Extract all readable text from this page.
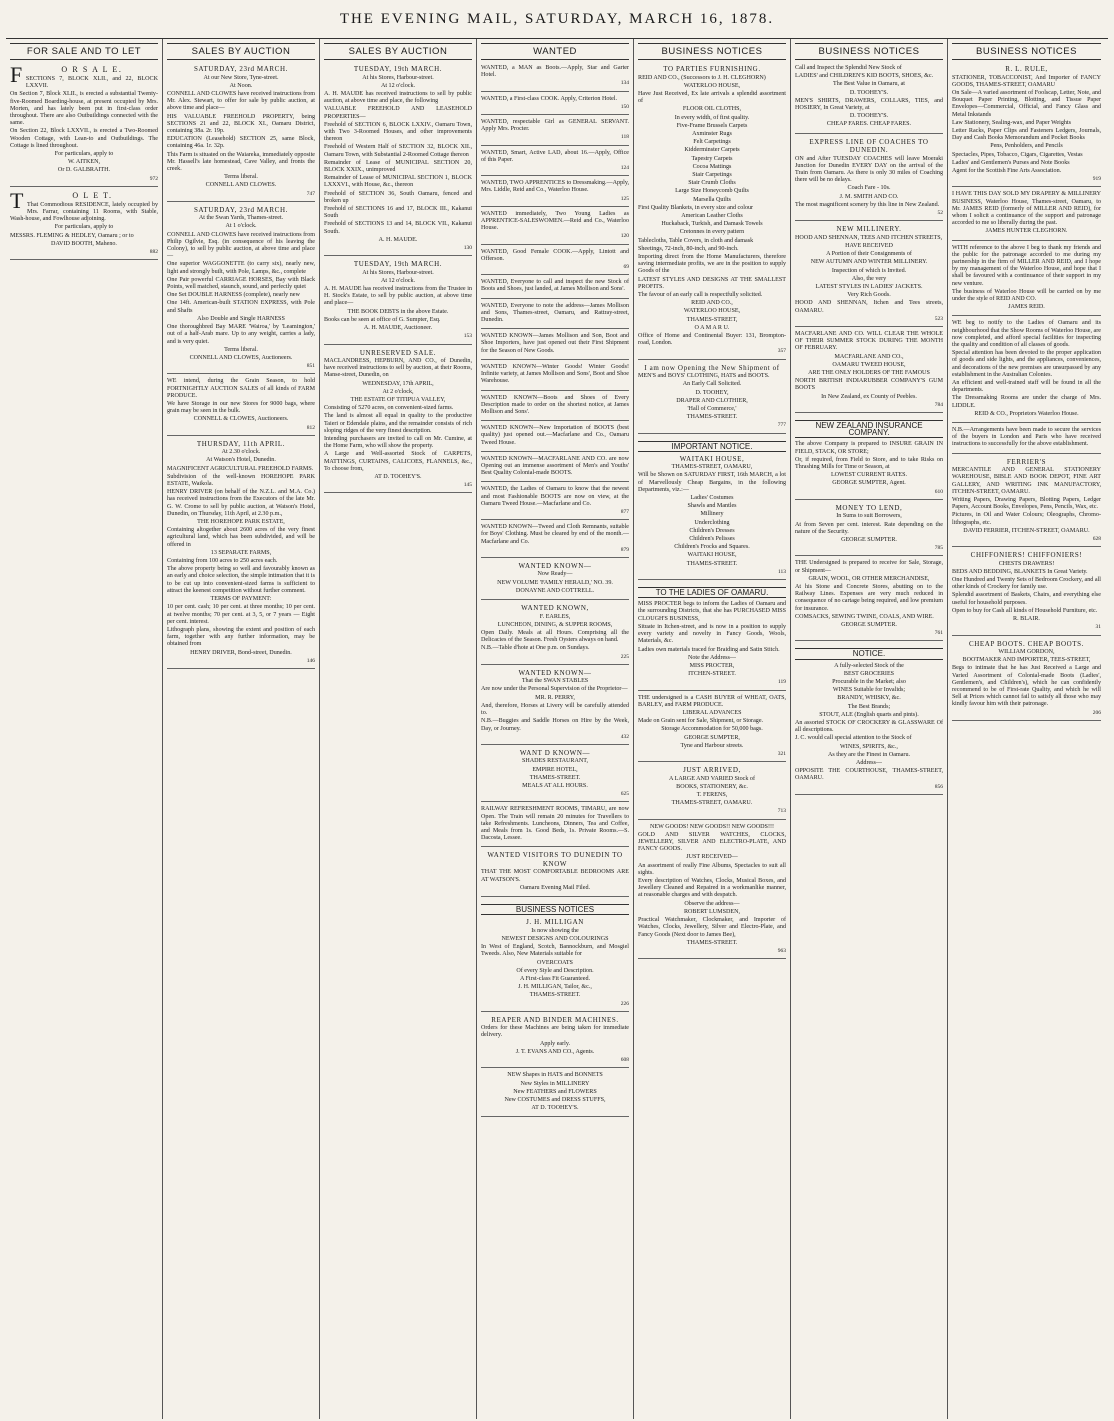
THE EVENING MAIL, SATURDAY, MARCH 16, 1878.
FOR SALE AND TO LET

F	O R S A L E.

SECTIONS 7, BLOCK XLII., and 22, BLOCK LXXVII.

On Section 7, Block XLII., is erected a substantial Twenty-five-Roomed Boarding-house, at present occupied by Mrs. Morten, and has lately been put in first-class order throughout. There are also Outbuildings connected with the same.

On Section 22, Block LXXVII., is erected a Two-Roomed Wooden Cottage, with Lean-to and Outbuildings. The Cottage is lined throughout.

For particulars, apply to

W. AITKEN,

Or D. GALBRAITH.

972

T	O L E T.

That Commodious RESIDENCE, lately occupied by Mrs. Farrar, containing 11 Rooms, with Stable, Wash-house, and Fowlhouse adjoining.

For particulars, apply to

MESSRS. FLEMING & HEDLEY, Oamaru ; or to

DAVID BOOTH, Maheno.

882
SALES BY AUCTION

SATURDAY, 23rd MARCH.

At our New Store, Tyne-street.

At Noon.

CONNELL AND CLOWES have received instructions from Mr. Alex. Stewart, to offer for sale by public auction, at above time and place—

HIS VALUABLE FREEHOLD PROPERTY, being SECTIONS 21 and 22, BLOCK XI., Oamaru District, containing 38a. 2r. 19p.

EDUCATION (Leasehold) SECTION 25, same Block, containing 46a. 1r. 32p.

This Farm is situated on the Waiareka, immediately opposite Mr. Hassell's late homestead, Cave Valley, and fronts the creek.

Terms liberal.

CONNELL AND CLOWES.

747

SATURDAY, 23rd MARCH.

At the Swan Yards, Thames-street.

At 1 o'clock.

CONNELL AND CLOWES have received instructions from Philip Ogilvie, Esq. (in consequence of his leaving the Colony), to sell by public auction, at above time and place—

One superior WAGGONETTE (to carry six), nearly new, light and strongly built, with Pole, Lamps, &c., complete

One Pair powerful CARRIAGE HORSES, Bay with Black Points, well matched, staunch, sound, and perfectly quiet

One Set DOUBLE HARNESS (complete), nearly new

One 14ft. American-built STATION EXPRESS, with Pole and Shafts

Also Double and Single HARNESS

One thoroughbred Bay MARE 'Wairoa,' by 'Leamington,' out of a half-Arab mare. Up to any weight, carries a lady, and is very quiet.

Terms liberal.

CONNELL AND CLOWES, Auctioneers.

851

WE intend, during the Grain Season, to hold FORTNIGHTLY AUCTION SALES of all kinds of FARM PRODUCE.

We have Storage in our new Stores for 9000 bags, where grain may be seen in the bulk.

CONNELL & CLOWES, Auctioneers.

812

THURSDAY, 11th APRIL.

At 2.30 o'clock.

At Watson's Hotel, Dunedin.

MAGNIFICENT AGRICULTURAL FREEHOLD FARMS.

Subdivision of the well-known HOREHOPE PARK ESTATE, Waikola.

HENRY DRIVER (on behalf of the N.Z.L. and M.A. Co.) has received instructions from the Executors of the late Mr. G. W. Crome to sell by public auction, at Watson's Hotel, Dunedin, on Thursday, 11th April, at 2.30 p.m.,

THE HOREHOPE PARK ESTATE,

Containing altogether about 2600 acres of the very finest agricultural land, which has been subdivided, and will be offered in

13 SEPARATE FARMS,

Containing from 100 acres to 250 acres each.

The above property being so well and favourably known as an early and choice selection, the simple intimation that it is to be cut up into convenient-sized farms is sufficient to attract the keenest competition without further comment.

TERMS OF PAYMENT:

10 per cent. cash; 10 per cent. at three months; 10 per cent. at twelve months; 70 per cent. at 3, 5, or 7 years — Eight per cent. interest.

Lithograph plans, showing the extent and position of each farm, together with any further information, may be obtained from

HENRY DRIVER, Bond-street, Dunedin.

146
SALES BY AUCTION

TUESDAY, 19th MARCH.

At his Stores, Harbour-street.

At 12 o'clock.

A. H. MAUDE has received instructions to sell by public auction, at above time and place, the following

VALUABLE FREEHOLD AND LEASEHOLD PROPERTIES—

Freehold of SECTION 6, BLOCK LXXIV., Oamaru Town, with Two 3-Roomed Houses, and other improvements thereon

Freehold of Western Half of SECTION 32, BLOCK XII., Oamaru Town, with Substantial 2-Roomed Cottage thereon

Remainder of Lease of MUNICIPAL SECTION 20, BLOCK XXIX., unimproved

Remainder of Lease of MUNICIPAL SECTION 1, BLOCK LXXXVI., with House, &c., thereon

Freehold of SECTION 36, South Oamaru, fenced and broken up

Freehold of SECTIONS 16 and 17, BLOCK III., Kakanui South

Freehold of SECTIONS 13 and 14, BLOCK VII., Kakanui South.

A. H. MAUDE.

130

TUESDAY, 19th MARCH.

At his Stores, Harbour-street.

At 12 o'clock.

A. H. MAUDE has received instructions from the Trustee in H. Stock's Estate, to sell by public auction, at above time and place—

THE BOOK DEBTS in the above Estate.

Books can be seen at office of G. Sumpter, Esq.

A. H. MAUDE, Auctioneer.

153

UNRESERVED SALE.

MACLANDRESS, HEPBURN, AND CO., of Dunedin, have received instructions to sell by auction, at their Rooms, Manse-street, Dunedin, on

WEDNESDAY, 17th APRIL,

At 2 o'clock,

THE ESTATE OF TITIPUA VALLEY,

Consisting of 5270 acres, on convenient-sized farms.

The land is almost all equal in quality to the productive Taieri or Edendale plains, and the remainder consists of rich sloping ridges of the very finest description.

Intending purchasers are invited to call on Mr. Cumine, at the Home Farm, who will show the property.

A Large and Well-assorted Stock of CARPETS, MATTINGS, CURTAINS, CALICOES, FLANNELS, &c., To choose from,

AT D. TOOHEY'S.

145
WANTED

WANTED, a MAN as Boots.—Apply, Star and Garter Hotel.

134

WANTED, a First-class COOK. Apply, Criterion Hotel.

150

WANTED, respectable Girl as GENERAL SERVANT. Apply Mrs. Procter.

118

WANTED, Smart, Active LAD, about 16.—Apply, Office of this Paper.

124

WANTED, TWO APPRENTICES to Dressmaking.—Apply, Mrs. Liddle, Reid and Co., Waterloo House.

125

WANTED immediately, Two Young Ladies as APPRENTICE-SALESWOMEN.—Reid and Co., Waterloo House.

120

WANTED, Good Female COOK.—Apply, Lintott and Offerson.

69

WANTED, Everyone to call and inspect the new Stock of Boots and Shoes, just landed, at James Mollison and Sons'.

WANTED, Everyone to note the address—James Mollison and Sons, Thames-street, Oamaru, and Rattray-street, Dunedin.

WANTED KNOWN—James Mollison and Son, Boot and Shoe Importers, have just opened out their First Shipment for the Season of New Goods.

WANTED KNOWN—Winter Goods! Winter Goods! Infinite variety, at James Mollison and Sons', Boot and Shoe Warehouse.

WANTED KNOWN—Boots and Shoes of Every Description made to order on the shortest notice, at James Mollison and Sons'.

WANTED KNOWN—New Importation of BOOTS (best quality) just opened out.—Macfarlane and Co., Oamaru Tweed House.

WANTED KNOWN—MACFARLANE AND CO. are now Opening out an immense assortment of Men's and Youths' Best Quality Colonial-made BOOTS.

WANTED, the Ladies of Oamaru to know that the newest and most Fashionable BOOTS are now on view, at the Oamaru Tweed House.—Macfarlane and Co.

877

WANTED KNOWN—Tweed and Cloth Remnants, suitable for Boys' Clothing. Must be cleared by end of the month.—Macfarlane and Co.

879

WANTED KNOWN—

Now Ready—

NEW VOLUME 'FAMILY HERALD,' NO. 39.

DONAYNE AND COTTRELL.

WANTED KNOWN,

F. EARLES,

LUNCHEON, DINING, & SUPPER ROOMS,

Open Daily. Meals at all Hours. Comprising all the Delicacies of the Season. Fresh Oysters always on hand.

N.B.—Table d'hote at One p.m. on Sundays.

225

WANTED KNOWN—

That the SWAN STABLES

Are now under the Personal Supervision of the Proprietor—

MR. R. PERRY,

And, therefore, Horses at Livery will be carefully attended to.

N.B.—Buggies and Saddle Horses on Hire by the Week, Day, or Journey.

432

WANT D KNOWN—

SHADES RESTAURANT,

EMPIRE HOTEL,

THAMES-STREET.

MEALS AT ALL HOURS.

625

RAILWAY REFRESHMENT ROOMS, TIMARU, are now Open. The Train will remain 20 minutes for Travellers to take Refreshments. Luncheons, Dinners, Tea and Coffee, and Meals from 1s. Good Beds, 1s. Private Rooms.—S. Dacosta, Lessee.

WANTED VISITORS TO DUNEDIN TO KNOW

THAT THE MOST COMFORTABLE BEDROOMS ARE AT WATSON'S.

Oamaru Evening Mail Filed.

BUSINESS NOTICES

J. H. MILLIGAN

Is now showing the

NEWEST DESIGNS AND COLOURINGS

In West of England, Scotch, Bannockburn, and Mosgiel Tweeds. Also, New Materials suitable for

OVERCOATS

Of every Style and Description.

A First-class Fit Guaranteed.

J. H. MILLIGAN, Tailor, &c.,

THAMES-STREET.

226

REAPER AND BINDER MACHINES.

Orders for these Machines are being taken for immediate delivery.

Apply early.

J. T. EVANS AND CO., Agents.

608

NEW Shapes in HATS and BONNETS

New Styles in MILLINERY

New FEATHERS and FLOWERS

New COSTUMES and DRESS STUFFS,

AT D. TOOHEY'S.

BUSINESS NOTICES

TO PARTIES FURNISHING.

REID AND CO., (Successors to J. H. CLEGHORN)

WATERLOO HOUSE,

Have Just Received, Ex late arrivals a splendid assortment of

FLOOR OIL CLOTHS,

In every width, of first quality.

Five-Frame Brussels Carpets

Axminster Rugs

Felt Carpetings

Kidderminster Carpets

Tapestry Carpets

Cocoa Mattings

Stair Carpetings

Stair Crumb Cloths

Large Size Honeycomb Quilts

Marsella Quilts

First Quality Blankets, in every size and colour

American Leather Cloths

Huckaback, Turkish, and Damask Towels

Cretonnes in every pattern

Tablecloths, Table Covers, in cloth and damask

Sheetings, 72-inch, 80-inch, and 90-inch.

Importing direct from the Home Manufacturers, therefore saving intermediate profits, we are in the position to supply Goods of the

LATEST STYLES AND DESIGNS AT THE SMALLEST PROFITS.

The favour of an early call is respectfully solicited.

REID AND CO.,

WATERLOO HOUSE,

THAMES-STREET,

O A M A R U.

Office of Home and Continental Buyer: 131, Brompton-road, London.

357

I am now Opening the New Shipment of

MEN'S and BOYS' CLOTHING, HATS and BOOTS.

An Early Call Solicited.

D. TOOHEY,

DRAPER AND CLOTHIER,

'Hall of Commerce,'

THAMES-STREET.

777
IMPORTANT NOTICE.

WAITAKI HOUSE,

THAMES-STREET, OAMARU,

Will be Shown on SATURDAY FIRST, 16th MARCH, a lot of Marvellously Cheap Bargains, in the following Departments, viz.:—

Ladies' Costumes

Shawls and Mantles

Millinery

Underclothing

Children's Dresses

Children's Pelisses

Children's Frocks and Squares.

WAITAKI HOUSE,

THAMES-STREET.

113
TO THE LADIES OF OAMARU.

MISS PROCTER begs to inform the Ladies of Oamaru and the surrounding Districts, that she has PURCHASED MISS CLOUGH'S BUSINESS,

Situate in Itchen-street, and is now in a position to supply every variety and novelty in Fancy Goods, Wools, Materials, &c.

Ladies own materials traced for Braiding and Satin Stitch.

Note the Address—

MISS PROCTER,

ITCHEN-STREET.

119

THE undersigned is a CASH BUYER of WHEAT, OATS, BARLEY, and FARM PRODUCE.

LIBERAL ADVANCES

Made on Grain sent for Sale, Shipment, or Storage.

Storage Accommodation for 50,000 bags.

GEORGE SUMPTER,

Tyne and Harbour streets.

321

JUST ARRIVED,

A LARGE AND VARIED Stock of

BOOKS, STATIONERY, &c.

T. FERENS,

THAMES-STREET, OAMARU.

713

NEW GOODS! NEW GOODS!! NEW GOODS!!!

GOLD AND SILVER WATCHES, CLOCKS, JEWELLERY, SILVER AND ELECTRO-PLATE, AND FANCY GOODS.

JUST RECEIVED—

An assortment of really Fine Albums, Spectacles to suit all sights.

Every description of Watches, Clocks, Musical Boxes, and Jewellery Cleaned and Repaired in a workmanlike manner, at reasonable charges and with despatch.

Observe the address—

ROBERT LUMSDEN,

Practical Watchmaker, Clockmaker, and Importer of Watches, Clocks, Jewellery, Silver and Electro-Plate, and Fancy Goods (Next door to James Bee),

THAMES-STREET.

963
BUSINESS NOTICES

Call and Inspect the Splendid New Stock of

LADIES' and CHILDREN'S KID BOOTS, SHOES, &c.

The Best Value in Oamaru, at

D. TOOHEY'S.

MEN'S SHIRTS, DRAWERS, COLLARS, TIES, and HOSIERY, In Great Variety, at

D. TOOHEY'S.

CHEAP FARES. CHEAP FARES.

EXPRESS LINE OF COACHES TO DUNEDIN.

ON and After TUESDAY COACHES will leave Moeraki Junction for Dunedin EVERY DAY on the arrival of the Train from Oamaru. As there is only 30 miles of Coaching there will be no delays.

Coach Fare - 10s.

J. M. SMITH AND CO.

The most magnificent scenery by this line in New Zealand.

52

NEW MILLINERY.

HOOD AND SHENNAN, TEES AND ITCHEN STREETS,

HAVE RECEIVED

A Portion of their Consignments of

NEW AUTUMN AND WINTER MILLINERY.

Inspection of which is Invited.

Also, the very

LATEST STYLES IN LADIES' JACKETS.

Very Rich Goods.

HOOD AND SHENNAN, Itchen and Tees streets, OAMARU.

523

MACFARLANE AND CO. WILL CLEAR THE WHOLE OF THEIR SUMMER STOCK DURING THE MONTH OF FEBRUARY.

MACFARLANE AND CO.,

OAMARU TWEED HOUSE,

ARE THE ONLY HOLDERS OF THE FAMOUS

NORTH BRITISH INDIARUBBER COMPANY'S GUM BOOTS

In New Zealand, ex County of Peebles.

784
NEW ZEALAND INSURANCE COMPANY.

The above Company is prepared to INSURE GRAIN IN FIELD, STACK, OR STORE;

Or, if required, from Field to Store, and to take Risks on Thrashing Mills for Time or Season, at

LOWEST CURRENT RATES.

GEORGE SUMPTER, Agent.

610

MONEY TO LEND,

In Sums to suit Borrowers,

At from Seven per cent. interest. Rate depending on the nature of the Security.

GEORGE SUMPTER.

785

THE Undersigned is prepared to receive for Sale, Storage, or Shipment—

GRAIN, WOOL, OR OTHER MERCHANDISE,

At his Stone and Concrete Stores, abutting on to the Railway Lines. Expenses are very much reduced in consequence of no cartage being required, and low premium for insurance.

COMSACKS, SEWING TWINE, COALS, AND WIRE.

GEORGE SUMPTER.

761
NOTICE.

A fully-selected Stock of the

BEST GROCERIES

Procurable in the Market; also

WINES Suitable for Invalids;

BRANDY, WHISKY, &c.

The Best Brands;

STOUT, ALE (English quarts and pints).

An assorted STOCK OF CROCKERY & GLASSWARE Of all descriptions.

J. C. would call special attention to the Stock of

WINES, SPIRITS, &c.,

As they are the Finest in Oamaru.

Address—

OPPOSITE THE COURTHOUSE, THAMES-STREET, OAMARU.

856
BUSINESS NOTICES

R. L. RULE,

STATIONER, TOBACCONIST, And Importer of FANCY GOODS, THAMES-STREET, OAMARU

On Sale—A varied assortment of Foolscap, Letter, Note, and Bouquet Paper Printing, Blotting, and Tissue Paper Envelopes—Commercial, Official, and Fancy Glass and Metal Inkstands

Law Stationery, Sealing-wax, and Paper Weights

Letter Racks, Paper Clips and Fasteners Ledgers, Journals, Day and Cash Books Memorandum and Pocket Books

Pens, Penholders, and Pencils

Spectacles, Pipes, Tobacco, Cigars, Cigarettes, Vestas

Ladies' and Gentlemen's Purses and Note Books

Agent for the Scottish Fine Arts Association.

919

I HAVE THIS DAY SOLD MY DRAPERY & MILLINERY BUSINESS, Waterloo House, Thames-street, Oamaru, to Mr. JAMES REID (formerly of MILLER AND REID), for whom I solicit a continuance of the support and patronage accorded to me so liberally during the past.

JAMES HUNTER CLEGHORN.

WITH reference to the above I beg to thank my friends and the public for the patronage accorded to me during my partnership in the firm of MILLER AND REID, and I hope by my management of the Waterloo House, and hope that I shall be favoured with a continuance of their support in my new venture.

The business of Waterloo House will be carried on by me under the style of REID AND CO.

JAMES REID.

WE beg to notify to the Ladies of Oamaru and its neighbourhood that the Show Rooms of Waterloo House, are now completed, and afford special facilities for inspecting the quality and condition of all classes of goods.

Special attention has been devoted to the proper application of goods and side lights, and the appliances, conveniences, and decorations of the new premises are unsurpassed by any establishment in the Australian Colonies.

An efficient and well-trained staff will be found in all the departments.

The Dressmaking Rooms are under the charge of Mrs. LIDDLE.

REID & CO., Proprietors Waterloo House.

N.B.—Arrangements have been made to secure the services of the buyers in London and Paris who have received instructions to successfully for the above establishment.

FERRIER'S

MERCANTILE AND GENERAL STATIONERY WAREHOUSE, BIBLE AND BOOK DEPOT, FINE ART GALLERY, AND WRITING INK MANUFACTORY, ITCHEN-STREET, OAMARU.

Writing Papers, Drawing Papers, Blotting Papers, Ledger Papers, Account Books, Envelopes, Pens, Pencils, Wax, etc.

Pictures, in Oil and Water Colours; Oleographs, Chromo-lithographs, etc.

DAVID FERRIER, ITCHEN-STREET, OAMARU.

628

CHIFFONIERS! CHIFFONIERS!

CHESTS DRAWERS!

BEDS AND BEDDING, BLANKETS In Great Variety.

One Hundred and Twenty Sets of Bedroom Crockery, and all other kinds of Crockery for family use.

Splendid assortment of Baskets, Chairs, and everything else useful for household purposes.

Open to buy for Cash all kinds of Household Furniture, etc.

R. BLAIR.

31

CHEAP BOOTS. CHEAP BOOTS.

WILLIAM GORDON,

BOOTMAKER AND IMPORTER, TEES-STREET,

Begs to intimate that he has Just Received a Large and Varied Assortment of Colonial-made Boots (Ladies', Gentlemen's, and Children's), which he can confidently recommend to be of First-rate Quality, and which he will Sell at Prices which cannot fail to satisfy all those who may kindly favour him with their patronage.

206
